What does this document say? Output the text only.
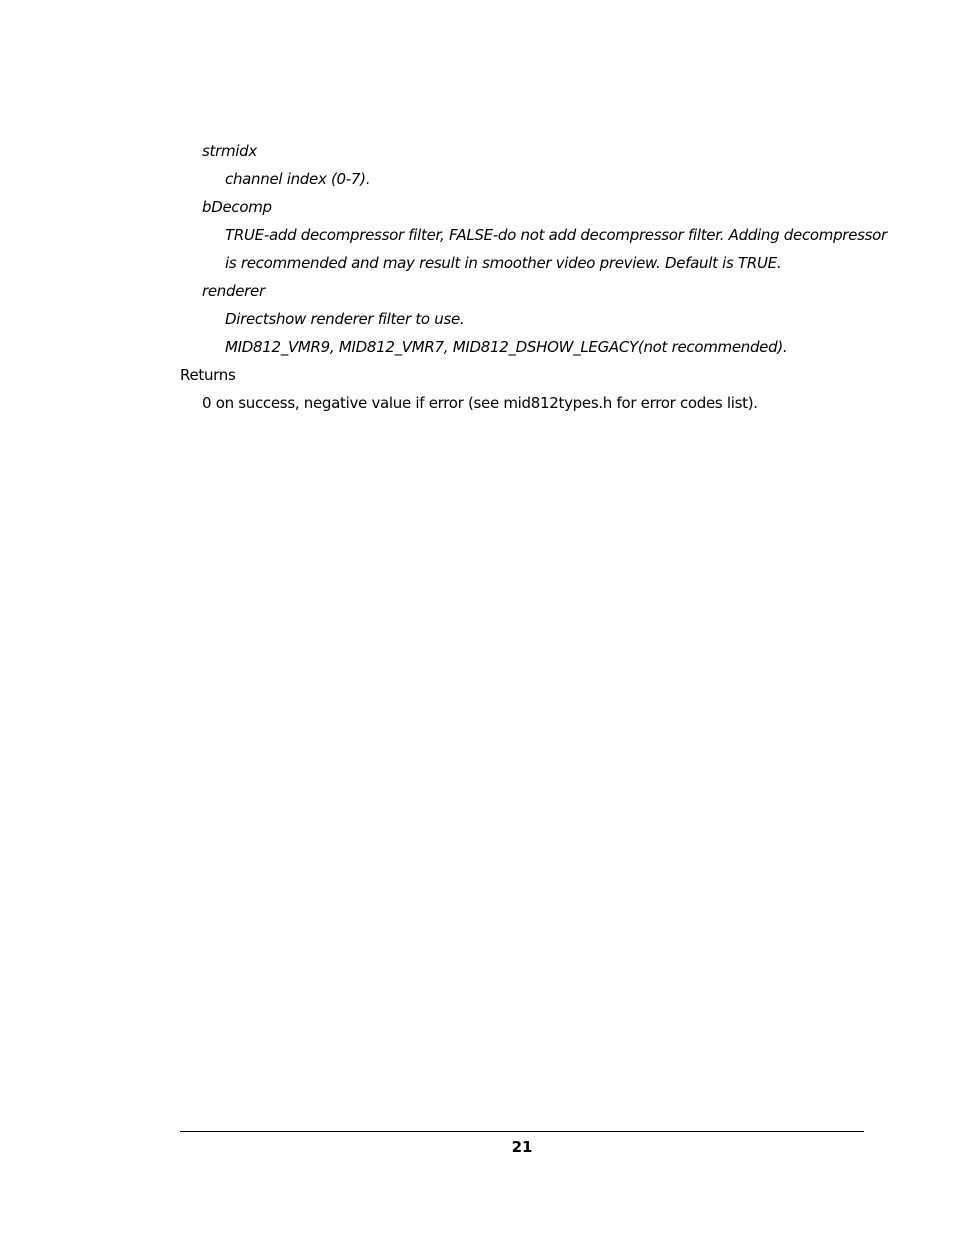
strmidx
channel index (0-7).
bDecomp
TRUE-add decompressor filter, FALSE-do not add decompressor filter. Adding decompressor
is recommended and may result in smoother video preview. Default is TRUE.
renderer
Directshow renderer filter to use.
MID812_VMR9, MID812_VMR7, MID812_DSHOW_LEGACY(not recommended).
Returns
0 on success, negative value if error (see mid812types.h for error codes list).
21
